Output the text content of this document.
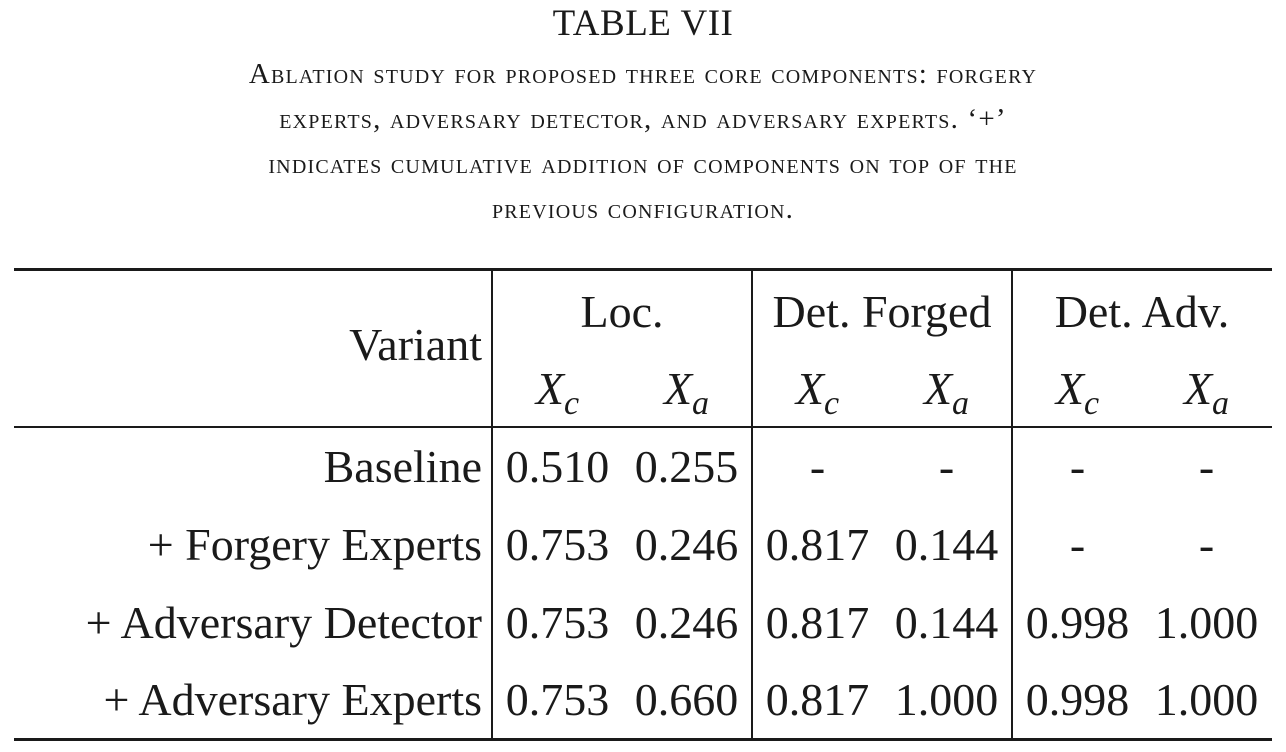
TABLE VII
Ablation study for proposed three core components: forgery
experts, adversary detector, and adversary experts. ‘+’
indicates cumulative addition of components on top of the
previous configuration.
Variant
Loc.	Det. Forged	Det. Adv.
$X_c$	$X_a$	$X_c$	$X_a$	$X_c$	$X_a$
Baseline 0.510 0.255	-	-	-	-
+ Forgery Experts 0.753 0.246 0.817 0.144	-	-
+ Adversary Detector 0.753 0.246 0.817 0.144 0.998 1.000
+ Adversary Experts 0.753 0.660 0.817 1.000 0.998 1.000
